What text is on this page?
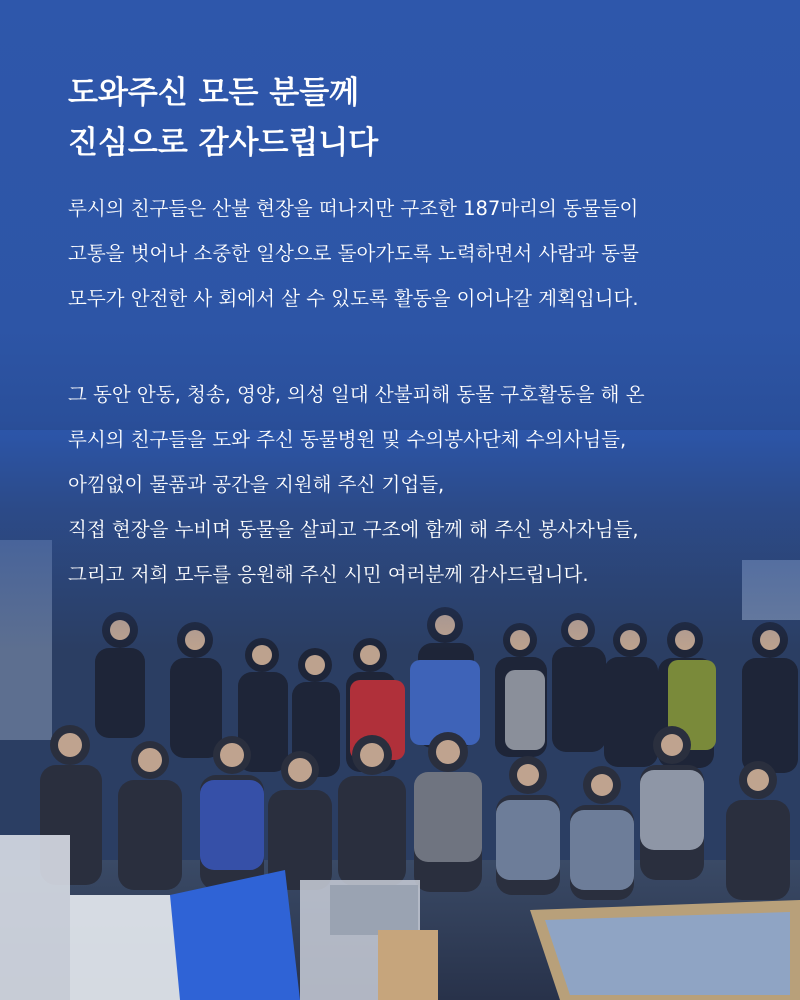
도와주신 모든 분들께

진심으로 감사드립니다

루시의 친구들은 산불 현장을 떠나지만 구조한 187마리의 동물들이

고통을 벗어나 소중한 일상으로 돌아가도록 노력하면서 사람과 동물

모두가 안전한 사 회에서 살 수 있도록 활동을 이어나갈 계획입니다.

그 동안 안동, 청송, 영양, 의성 일대 산불피해 동물 구호활동을 해 온

루시의 친구들을 도와 주신 동물병원 및 수의봉사단체 수의사님들,

아낌없이 물품과 공간을 지원해 주신 기업들,

직접 현장을 누비며 동물을 살피고 구조에 함께 해 주신 봉사자님들,

그리고 저희 모두를 응원해 주신 시민 여러분께 감사드립니다.
